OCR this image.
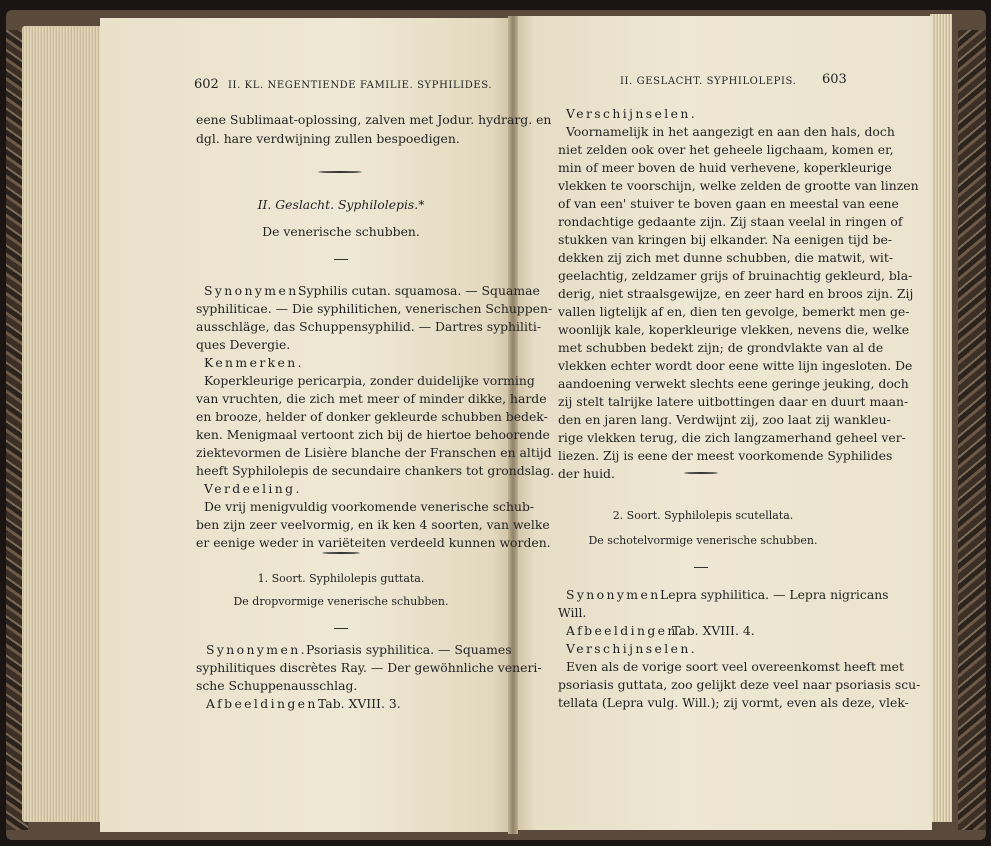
602 II. KL. NEGENTIENDE FAMILIE. SYPHILIDES.
eene Sublimaat-oplossing, zalven met Jodur. hydrarg. en
dgl. hare verdwijning zullen bespoedigen.
II. Geslacht. Syphilolepis.*
De venerische schubben.
Synonymen.
Syphilis cutan. squamosa. — Squamae
syphiliticae. — Die syphilitichen, venerischen Schuppen-
ausschläge, das Schuppensyphilid. — Dartres syphiliti-
ques Devergie.
Kenmerken.
Koperkleurige pericarpia, zonder duidelijke vorming
van vruchten, die zich met meer of minder dikke, harde
en brooze, helder of donker gekleurde schubben bedek-
ken. Menigmaal vertoont zich bij de hiertoe behoorende
ziektevormen de Lisière blanche der Franschen en altijd
heeft Syphilolepis de secundaire chankers tot grondslag.
Verdeeling.
De vrij menigvuldig voorkomende venerische schub-
ben zijn zeer veelvormig, en ik ken 4 soorten, van welke
er eenige weder in variëteiten verdeeld kunnen worden.
1. Soort. Syphilolepis guttata.
De dropvormige venerische schubben.
Synonymen. Psoriasis syphilitica. — Squames
syphilitiques discrètes Ray. — Der gewöhnliche veneri-
sche Schuppenausschlag.
Afbeeldingen.
Tab. XVIII. 3.
II. GESLACHT. SYPHILOLEPIS. 603
Verschijnselen.
Voornamelijk in het aangezigt en aan den hals, doch
niet zelden ook over het geheele ligchaam, komen er,
min of meer boven de huid verhevene, koperkleurige
vlekken te voorschijn, welke zelden de grootte van linzen
of van een' stuiver te boven gaan en meestal van eene
rondachtige gedaante zijn. Zij staan veelal in ringen of
stukken van kringen bij elkander. Na eenigen tijd be-
dekken zij zich met dunne schubben, die matwit, wit-
geelachtig, zeldzamer grijs of bruinachtig gekleurd, bla-
derig, niet straalsgewijze, en zeer hard en broos zijn. Zij
vallen ligtelijk af en, dien ten gevolge, bemerkt men ge-
woonlijk kale, koperkleurige vlekken, nevens die, welke
met schubben bedekt zijn; de grondvlakte van al de
vlekken echter wordt door eene witte lijn ingesloten. De
aandoening verwekt slechts eene geringe jeuking, doch
zij stelt talrijke latere uitbottingen daar en duurt maan-
den en jaren lang. Verdwijnt zij, zoo laat zij wankleu-
rige vlekken terug, die zich langzamerhand geheel ver-
liezen. Zij is eene der meest voorkomende Syphilides
der huid.
2. Soort. Syphilolepis scutellata.
De schotelvormige venerische schubben.
Synonymen.
Lepra syphilitica. — Lepra nigricans
Will.
Afbeeldingen.
Tab. XVIII. 4.
Verschijnselen.
Even als de vorige soort veel overeenkomst heeft met
psoriasis guttata, zoo gelijkt deze veel naar psoriasis scu-
tellata (Lepra vulg. Will.); zij vormt, even als deze, vlek-
